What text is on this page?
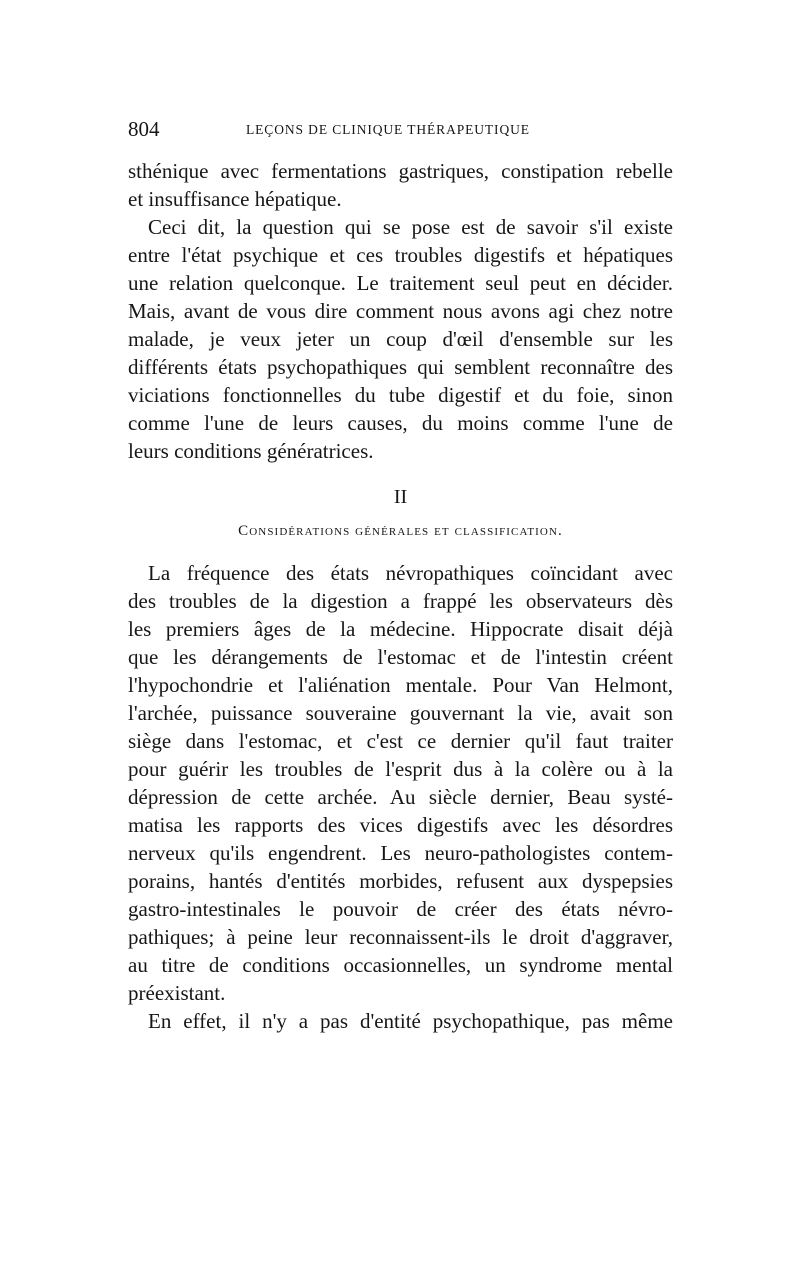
804	LEÇONS DE CLINIQUE THÉRAPEUTIQUE
sthénique avec fermentations gastriques, constipation rebelle
et insuffisance hépatique.
Ceci dit, la question qui se pose est de savoir s'il existe
entre l'état psychique et ces troubles digestifs et hépatiques
une relation quelconque. Le traitement seul peut en décider.
Mais, avant de vous dire comment nous avons agi chez notre
malade, je veux jeter un coup d'œil d'ensemble sur les
différents états psychopathiques qui semblent reconnaître des
viciations fonctionnelles du tube digestif et du foie, sinon
comme l'une de leurs causes, du moins comme l'une de
leurs conditions génératrices.
II
Considérations générales et classification.
La fréquence des états névropathiques coïncidant avec
des troubles de la digestion a frappé les observateurs dès
les premiers âges de la médecine. Hippocrate disait déjà
que les dérangements de l'estomac et de l'intestin créent
l'hypochondrie et l'aliénation mentale. Pour Van Helmont,
l'archée, puissance souveraine gouvernant la vie, avait son
siège dans l'estomac, et c'est ce dernier qu'il faut traiter
pour guérir les troubles de l'esprit dus à la colère ou à la
dépression de cette archée. Au siècle dernier, Beau systé-
matisa les rapports des vices digestifs avec les désordres
nerveux qu'ils engendrent. Les neuro-pathologistes contem-
porains, hantés d'entités morbides, refusent aux dyspepsies
gastro-intestinales le pouvoir de créer des états névro-
pathiques; à peine leur reconnaissent-ils le droit d'aggraver,
au titre de conditions occasionnelles, un syndrome mental
préexistant.
En effet, il n'y a pas d'entité psychopathique, pas même
